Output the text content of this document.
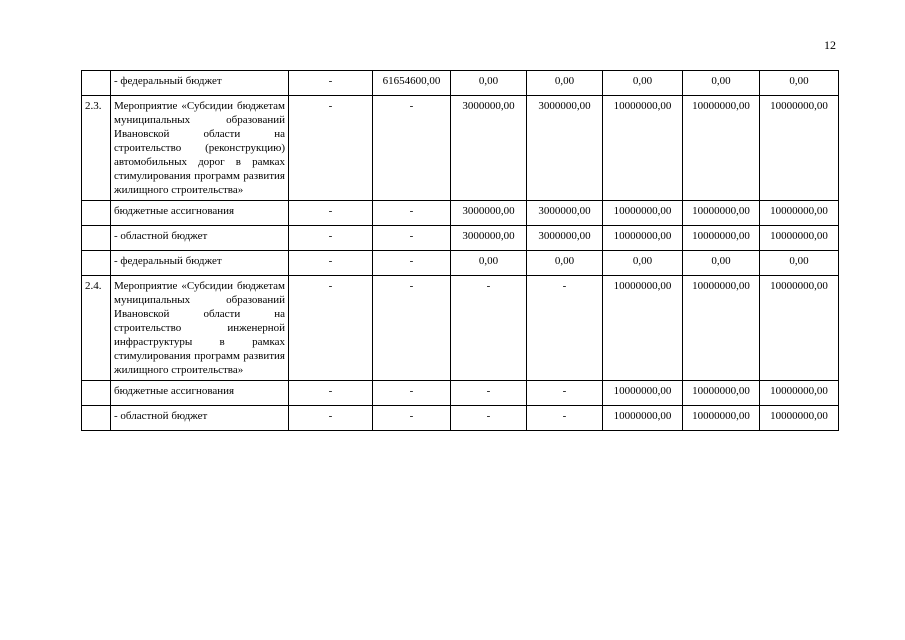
12
	- федеральный бюджет	-	61654600,00	0,00	0,00	0,00	0,00	0,00
2.3.	Мероприятие «Субсидии бюджетам муниципальных образований Ивановской области на строительство (реконструкцию) автомобильных дорог в рамках стимулирования программ развития жилищного строительства»	-	-	3000000,00	3000000,00	10000000,00	10000000,00	10000000,00
	бюджетные ассигнования	-	-	3000000,00	3000000,00	10000000,00	10000000,00	10000000,00
	- областной бюджет	-	-	3000000,00	3000000,00	10000000,00	10000000,00	10000000,00
	- федеральный бюджет	-	-	0,00	0,00	0,00	0,00	0,00
2.4.	Мероприятие «Субсидии бюджетам муниципальных образований Ивановской области на строительство инженерной инфраструктуры в рамках стимулирования программ развития жилищного строительства»	-	-	-	-	10000000,00	10000000,00	10000000,00
	бюджетные ассигнования	-	-	-	-	10000000,00	10000000,00	10000000,00
	- областной бюджет	-	-	-	-	10000000,00	10000000,00	10000000,00
